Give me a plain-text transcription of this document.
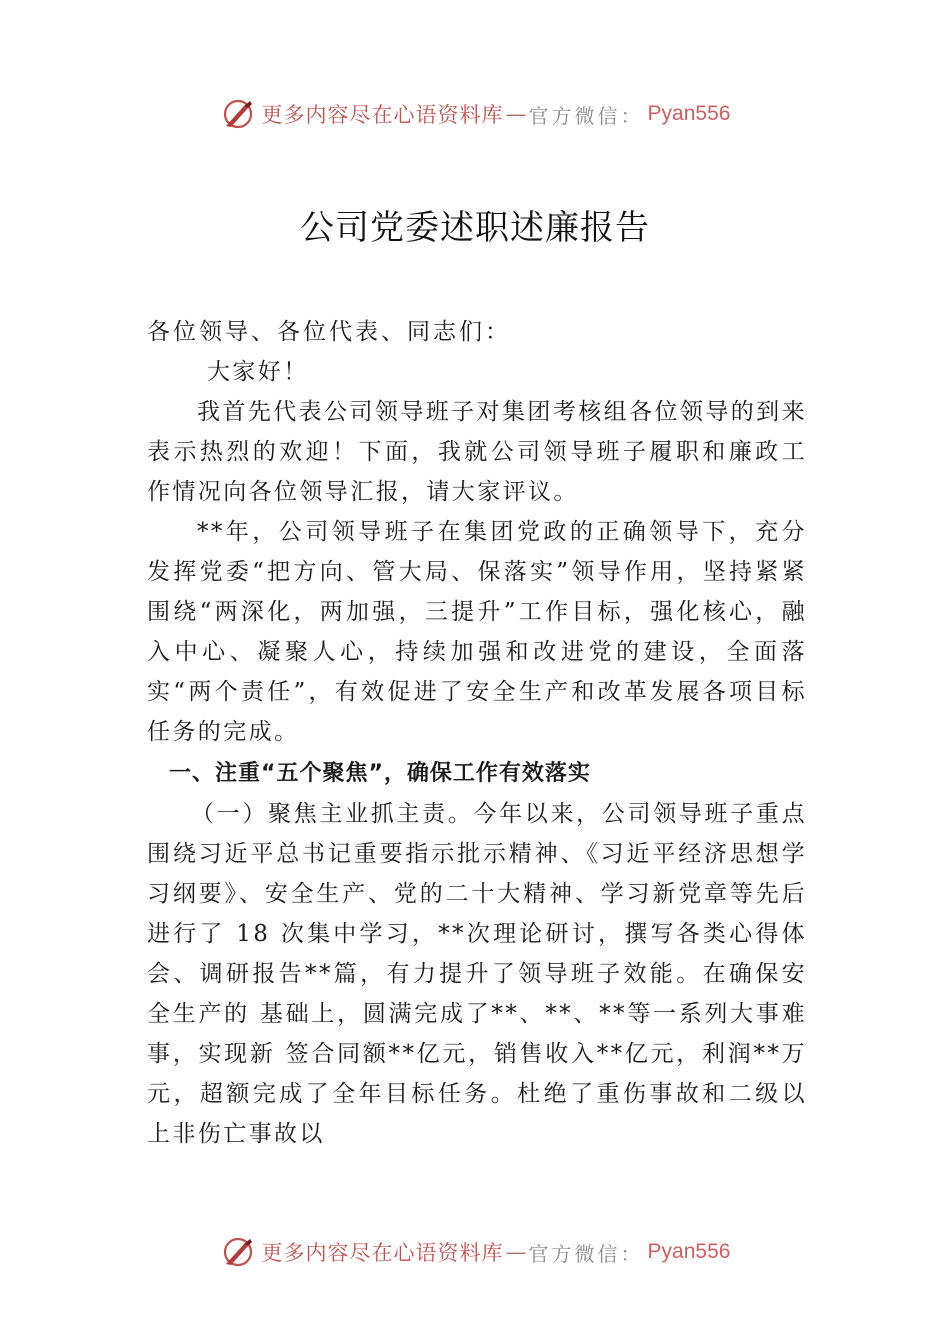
更多内容尽在心语资料库 — 官方微信： Pyan556
公司党委述职述廉报告

各位领导、各位代表、同志们：

大家好！

我首先代表公司领导班子对集团考核组各位领导的到来表示热烈的欢迎！下面，我就公司领导班子履职和廉政工作情况向各位领导汇报，请大家评议。

**年，公司领导班子在集团党政的正确领导下，充分发挥党委“把方向、管大局、保落实”领导作用，坚持紧紧围绕“两深化，两加强，三提升”工作目标，强化核心，融入中心、凝聚人心，持续加强和改进党的建设，全面落实“两个责任”，有效促进了安全生产和改革发展各项目标任务的完成。

一、注重“五个聚焦”，确保工作有效落实

（一）聚焦主业抓主责。今年以来，公司领导班子重点围绕习近平总书记重要指示批示精神、《习近平经济思想学 习纲要》、安全生产、党的二十大精神、学习新党章等先后进行了 18 次集中学习，**次理论研讨，撰写各类心得体会、调研报告**篇，有力提升了领导班子效能。在确保安全生产的 基础上，圆满完成了**、**、**等一系列大事难事，实现新 签合同额**亿元，销售收入**亿元，利润**万元，超额完成了全年目标任务。杜绝了重伤事故和二级以上非伤亡事故以

更多内容尽在心语资料库 — 官方微信： Pyan556
